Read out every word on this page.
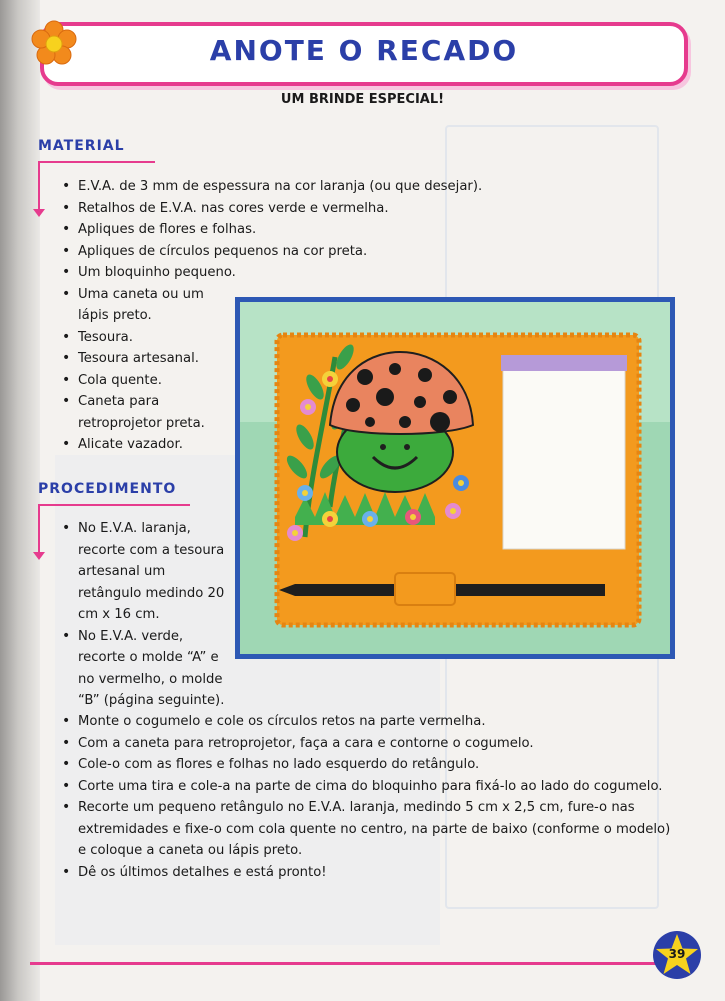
ANOTE O RECADO
UM BRINDE ESPECIAL!
MATERIAL
• E.V.A. de 3 mm de espessura na cor laranja (ou que desejar).
• Retalhos de E.V.A. nas cores verde e vermelha.
• Apliques de flores e folhas.
• Apliques de círculos pequenos na cor preta.
• Um bloquinho pequeno.
• Uma caneta ou um lápis preto.
• Tesoura.
• Tesoura artesanal.
• Cola quente.
• Caneta para retroprojetor preta.
• Alicate vazador.
PROCEDIMENTO
• No E.V.A. laranja, recorte com a tesoura artesanal um retângulo medindo 20 cm x 16 cm.
• No E.V.A. verde, recorte o molde “A” e no vermelho, o molde “B” (página seguinte).
• Monte o cogumelo e cole os círculos retos na parte vermelha.
• Com a caneta para retroprojetor, faça a cara e contorne o cogumelo.
• Cole-o com as flores e folhas no lado esquerdo do retângulo.
• Corte uma tira e cole-a na parte de cima do bloquinho para fixá-lo ao lado do cogumelo.
• Recorte um pequeno retângulo no E.V.A. laranja, medindo 5 cm x 2,5 cm, fure-o nas extremidades e fixe-o com cola quente no centro, na parte de baixo (conforme o modelo) e coloque a caneta ou lápis preto.
• Dê os últimos detalhes e está pronto!
39
